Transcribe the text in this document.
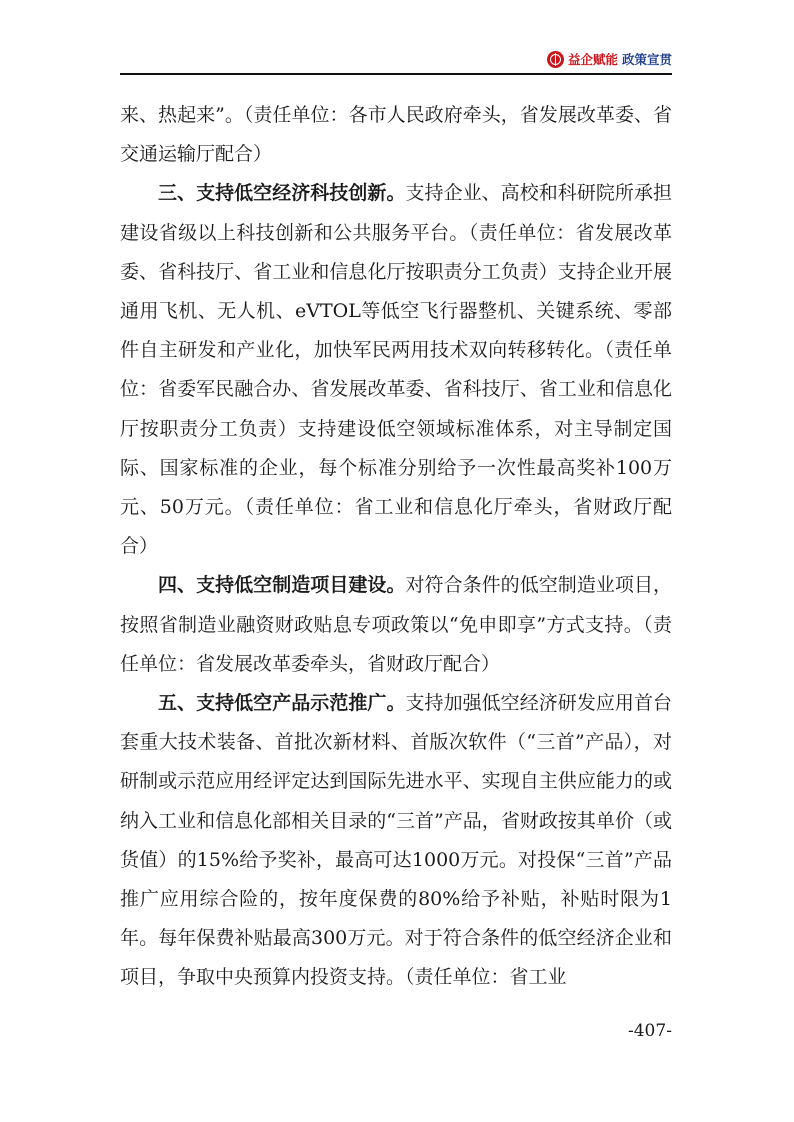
益企赋能 政策宣贯

来、热起来”。（责任单位：各市人民政府牵头，省发展改革委、省交通运输厅配合）

三、支持低空经济科技创新。支持企业、高校和科研院所承担建设省级以上科技创新和公共服务平台。（责任单位：省发展改革委、省科技厅、省工业和信息化厅按职责分工负责）支持企业开展通用飞机、无人机、eVTOL等低空飞行器整机、关键系统、零部件自主研发和产业化，加快军民两用技术双向转移转化。（责任单位：省委军民融合办、省发展改革委、省科技厅、省工业和信息化厅按职责分工负责）支持建设低空领域标准体系，对主导制定国际、国家标准的企业，每个标准分别给予一次性最高奖补100万元、50万元。（责任单位：省工业和信息化厅牵头，省财政厅配合）

四、支持低空制造项目建设。对符合条件的低空制造业项目，按照省制造业融资财政贴息专项政策以“免申即享”方式支持。（责任单位：省发展改革委牵头，省财政厅配合）

五、支持低空产品示范推广。支持加强低空经济研发应用首台套重大技术装备、首批次新材料、首版次软件（“三首”产品），对研制或示范应用经评定达到国际先进水平、实现自主供应能力的或纳入工业和信息化部相关目录的“三首”产品，省财政按其单价（或货值）的15%给予奖补，最高可达1000万元。对投保“三首”产品推广应用综合险的，按年度保费的80%给予补贴，补贴时限为1年。每年保费补贴最高300万元。对于符合条件的低空经济企业和项目，争取中央预算内投资支持。（责任单位：省工业

-407-
